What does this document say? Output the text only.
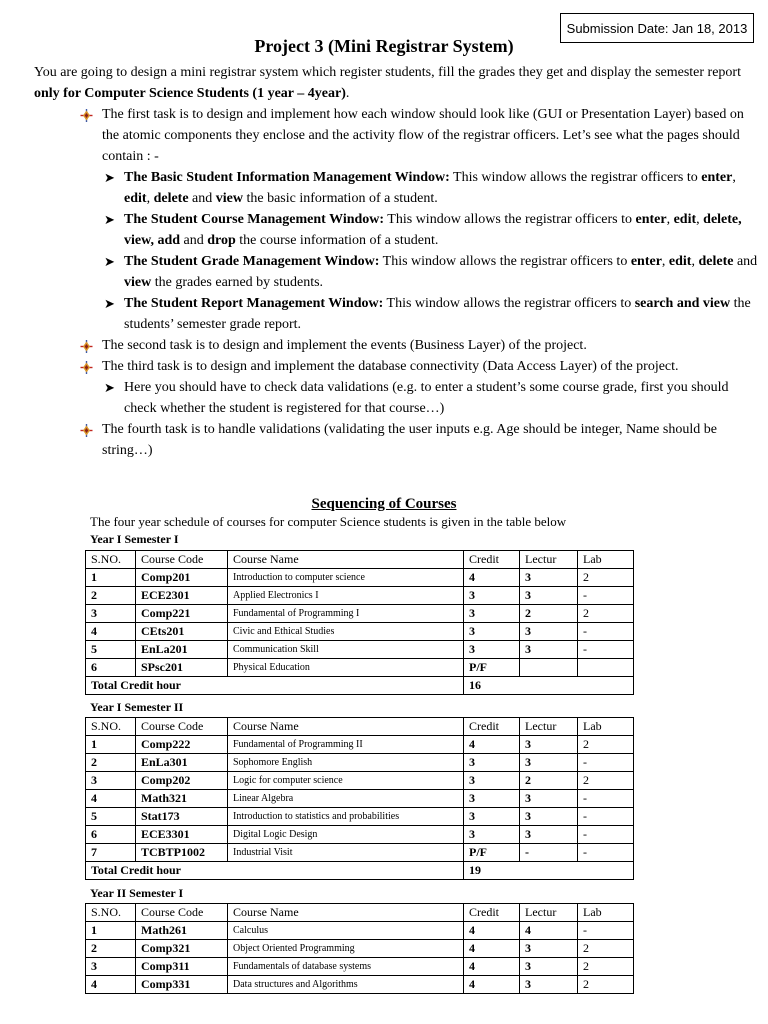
Submission Date: Jan 18, 2013
Project 3 (Mini Registrar System)
You are going to design a mini registrar system which register students, fill the grades they get and display the semester report only for Computer Science Students (1 year – 4year).
The first task is to design and implement how each window should look like (GUI or Presentation Layer) based on the atomic components they enclose and the activity flow of the registrar officers. Let’s see what the pages should contain : -
➤ The Basic Student Information Management Window: This window allows the registrar officers to enter, edit, delete and view the basic information of a student.
➤ The Student Course Management Window: This window allows the registrar officers to enter, edit, delete, view, add and drop the course information of a student.
➤ The Student Grade Management Window: This window allows the registrar officers to enter, edit, delete and view the grades earned by students.
➤ The Student Report Management Window: This window allows the registrar officers to search and view the students’ semester grade report.
The second task is to design and implement the events (Business Layer) of the project.
The third task is to design and implement the database connectivity (Data Access Layer) of the project.
➤ Here you should have to check data validations (e.g. to enter a student’s some course grade, first you should check whether the student is registered for that course…)
The fourth task is to handle validations (validating the user inputs e.g. Age should be integer, Name should be string…)
Sequencing of Courses
The four year schedule of courses for computer Science students is given in the table below
Year I Semester I
S.NO.	Course Code	Course Name	Credit	Lectur	Lab
1	Comp201	Introduction to computer science	4	3	2
2	ECE2301	Applied Electronics I	3	3	-
3	Comp221	Fundamental of Programming I	3	2	2
4	CEts201	Civic and Ethical Studies	3	3	-
5	EnLa201	Communication Skill	3	3	-
6	SPsc201	Physical Education	P/F		
Total Credit hour			16		
Year I Semester II
S.NO.	Course Code	Course Name	Credit	Lectur	Lab
1	Comp222	Fundamental of Programming II	4	3	2
2	EnLa301	Sophomore English	3	3	-
3	Comp202	Logic for computer science	3	2	2
4	Math321	Linear Algebra	3	3	-
5	Stat173	Introduction to statistics and probabilities	3	3	-
6	ECE3301	Digital Logic Design	3	3	-
7	TCBTP1002	Industrial Visit	P/F	-	-
Total Credit hour			19		
Year II Semester I
S.NO.	Course Code	Course Name	Credit	Lectur	Lab
1	Math261	Calculus	4	4	-
2	Comp321	Object Oriented Programming	4	3	2
3	Comp311	Fundamentals of database systems	4	3	2
4	Comp331	Data structures and Algorithms	4	3	2
